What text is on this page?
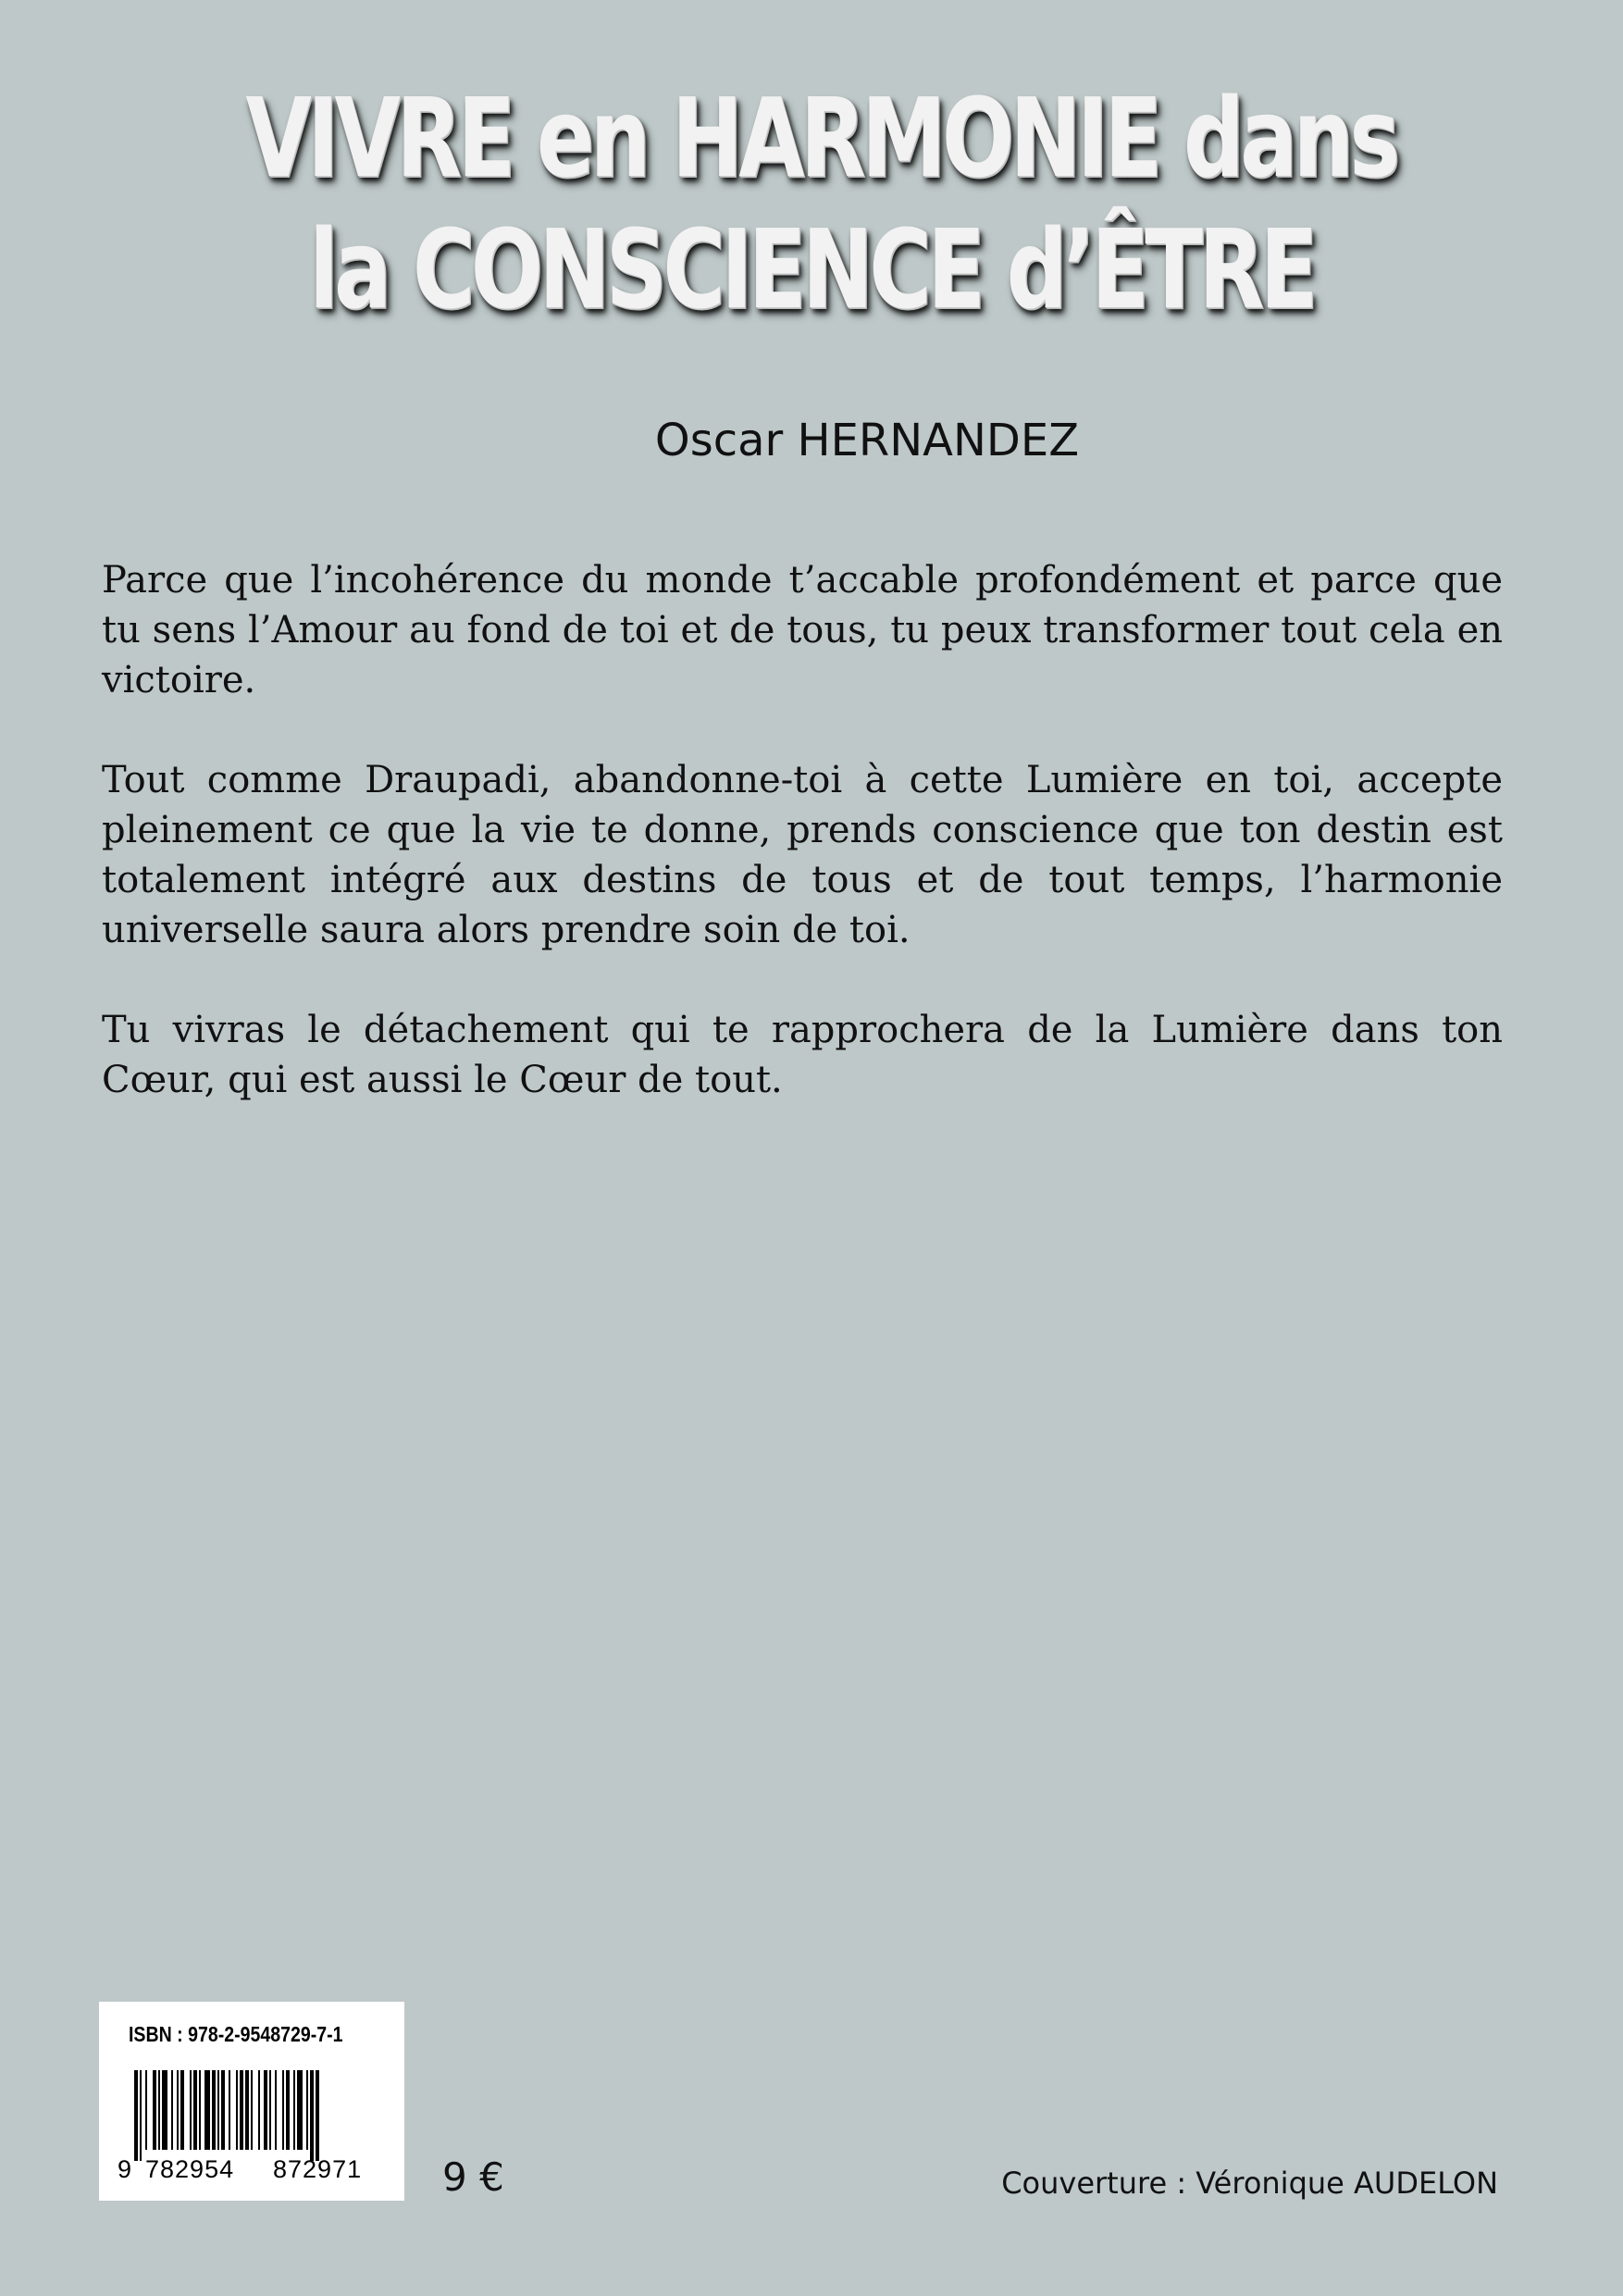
VIVRE en HARMONIE dans
la CONSCIENCE d’ÊTRE
Oscar HERNANDEZ

Parce que l’incohérence du monde t’accable profondément et parce que tu sens l’Amour au fond de toi et de tous, tu peux transformer tout cela en victoire.

Tout comme Draupadi, abandonne-toi à cette Lumière en toi, accepte pleinement ce que la vie te donne, prends conscience que ton destin est totalement intégré aux destins de tous et de tout temps, l’harmonie universelle saura alors prendre soin de toi.

Tu vivras le détachement qui te rapprochera de la Lumière dans ton Cœur, qui est aussi le Cœur de tout.

ISBN : 978-2-9548729-7-1
9 782954 872971 9 €	Couverture : Véronique AUDELON
